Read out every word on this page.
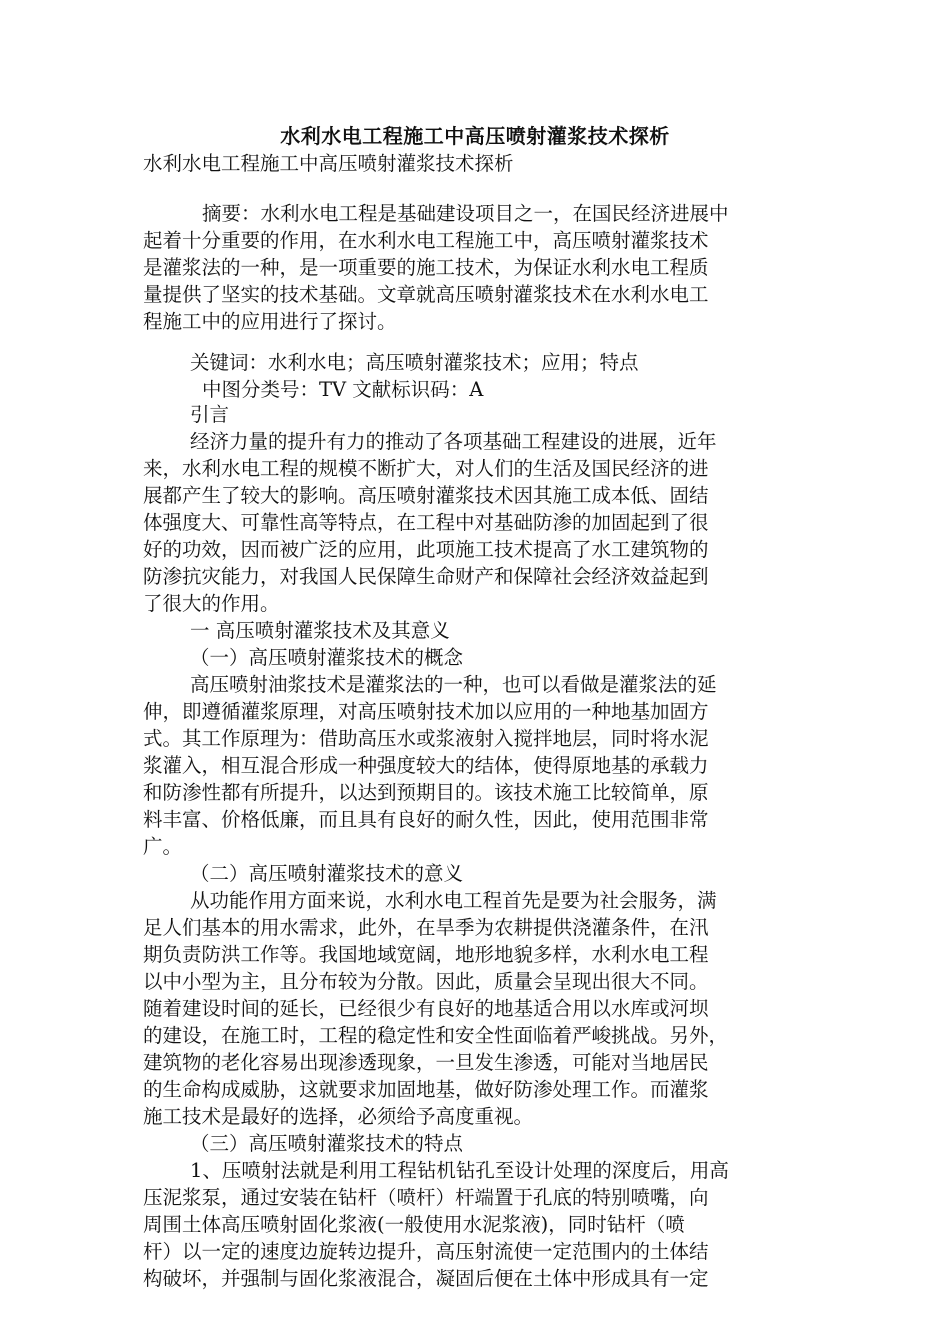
水利水电工程施工中高压喷射灌浆技术探析
水利水电工程施工中高压喷射灌浆技术探析
摘要：水利水电工程是基础建设项目之一，在国民经济进展中
起着十分重要的作用，在水利水电工程施工中，高压喷射灌浆技术
是灌浆法的一种，是一项重要的施工技术，为保证水利水电工程质
量提供了坚实的技术基础。文章就高压喷射灌浆技术在水利水电工
程施工中的应用进行了探讨。
关键词：水利水电；高压喷射灌浆技术；应用；特点
中图分类号：TV 文献标识码：A
引言
经济力量的提升有力的推动了各项基础工程建设的进展，近年
来，水利水电工程的规模不断扩大，对人们的生活及国民经济的进
展都产生了较大的影响。高压喷射灌浆技术因其施工成本低、固结
体强度大、可靠性高等特点，在工程中对基础防渗的加固起到了很
好的功效，因而被广泛的应用，此项施工技术提高了水工建筑物的
防渗抗灾能力，对我国人民保障生命财产和保障社会经济效益起到
了很大的作用。
一 高压喷射灌浆技术及其意义
（一）高压喷射灌浆技术的概念
高压喷射油浆技术是灌浆法的一种，也可以看做是灌浆法的延
伸，即遵循灌浆原理，对高压喷射技术加以应用的一种地基加固方
式。其工作原理为：借助高压水或浆液射入搅拌地层，同时将水泥
浆灌入，相互混合形成一种强度较大的结体，使得原地基的承载力
和防渗性都有所提升，以达到预期目的。该技术施工比较简单，原
料丰富、价格低廉，而且具有良好的耐久性，因此，使用范围非常
广。
（二）高压喷射灌浆技术的意义
从功能作用方面来说，水利水电工程首先是要为社会服务，满
足人们基本的用水需求，此外，在旱季为农耕提供浇灌条件，在汛
期负责防洪工作等。我国地域宽阔，地形地貌多样，水利水电工程
以中小型为主，且分布较为分散。因此，质量会呈现出很大不同。
随着建设时间的延长，已经很少有良好的地基适合用以水库或河坝
的建设，在施工时，工程的稳定性和安全性面临着严峻挑战。另外，
建筑物的老化容易出现渗透现象，一旦发生渗透，可能对当地居民
的生命构成威胁，这就要求加固地基，做好防渗处理工作。而灌浆
施工技术是最好的选择，必须给予高度重视。
（三）高压喷射灌浆技术的特点
1、压喷射法就是利用工程钻机钻孔至设计处理的深度后，用高
压泥浆泵，通过安装在钻杆（喷杆）杆端置于孔底的特别喷嘴，向
周围土体高压喷射固化浆液(一般使用水泥浆液)，同时钻杆（喷
杆）以一定的速度边旋转边提升，高压射流使一定范围内的土体结
构破坏，并强制与固化浆液混合，凝固后便在土体中形成具有一定
